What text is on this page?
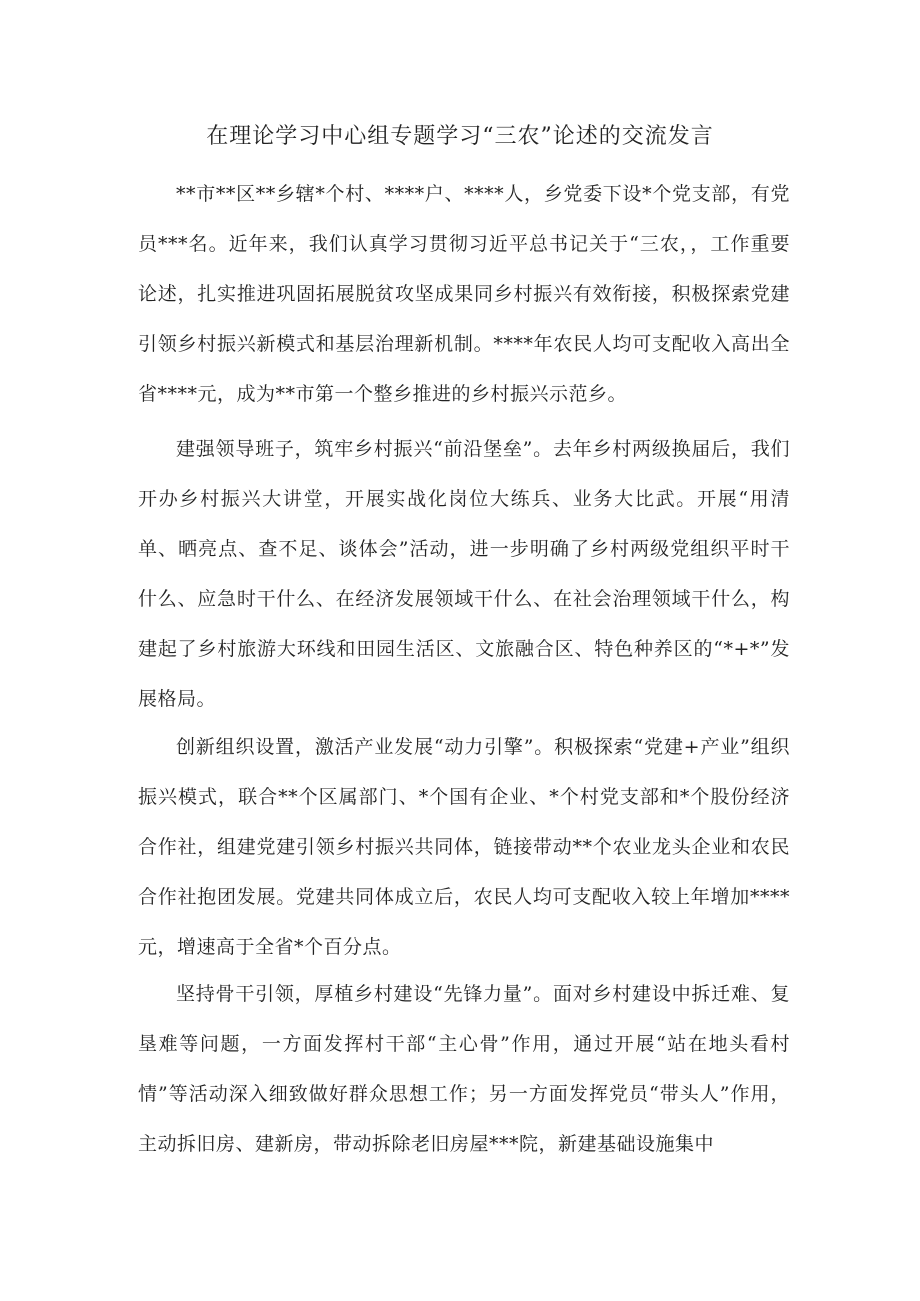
在理论学习中心组专题学习“三农”论述的交流发言

**市**区**乡辖*个村、****户、****人，乡党委下设*个党支部，有党员***名。近年来，我们认真学习贯彻习近平总书记关于“三农，，工作重要论述，扎实推进巩固拓展脱贫攻坚成果同乡村振兴有效衔接，积极探索党建引领乡村振兴新模式和基层治理新机制。****年农民人均可支配收入高出全省****元，成为**市第一个整乡推进的乡村振兴示范乡。

建强领导班子，筑牢乡村振兴“前沿堡垒”。去年乡村两级换届后，我们开办乡村振兴大讲堂，开展实战化岗位大练兵、业务大比武。开展“用清单、晒亮点、查不足、谈体会”活动，进一步明确了乡村两级党组织平时干什么、应急时干什么、在经济发展领域干什么、在社会治理领域干什么，构建起了乡村旅游大环线和田园生活区、文旅融合区、特色种养区的“*+*”发展格局。

创新组织设置，激活产业发展“动力引擎”。积极探索“党建+产业”组织振兴模式，联合**个区属部门、*个国有企业、*个村党支部和*个股份经济合作社，组建党建引领乡村振兴共同体，链接带动**个农业龙头企业和农民合作社抱团发展。党建共同体成立后，农民人均可支配收入较上年增加****元，增速高于全省*个百分点。

坚持骨干引领，厚植乡村建设“先锋力量”。面对乡村建设中拆迁难、复垦难等问题，一方面发挥村干部“主心骨”作用，通过开展“站在地头看村情”等活动深入细致做好群众思想工作；另一方面发挥党员“带头人”作用，主动拆旧房、建新房，带动拆除老旧房屋***院，新建基础设施集中
